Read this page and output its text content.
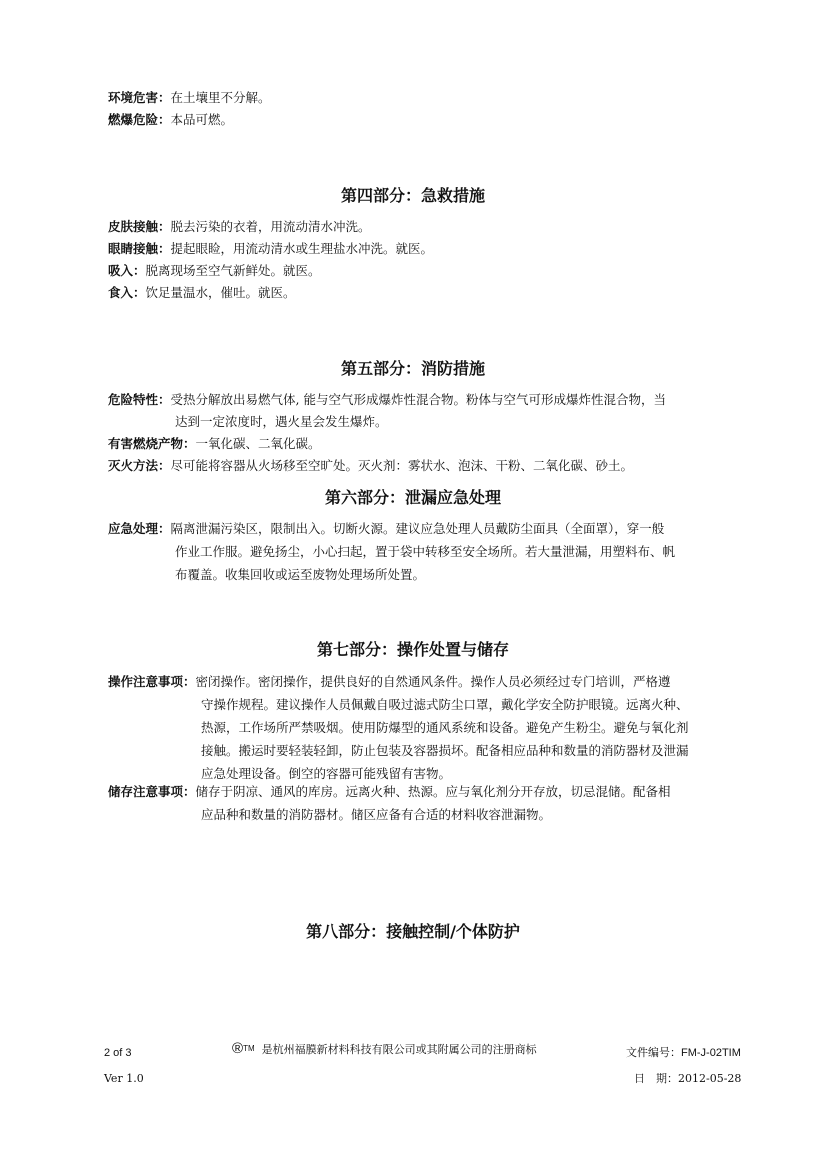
环境危害：在土壤里不分解。
燃爆危险：本品可燃。
第四部分：急救措施
皮肤接触：脱去污染的衣着，用流动清水冲洗。
眼睛接触：提起眼睑，用流动清水或生理盐水冲洗。就医。
吸入：脱离现场至空气新鲜处。就医。
食入：饮足量温水，催吐。就医。
第五部分：消防措施
危险特性：受热分解放出易燃气体, 能与空气形成爆炸性混合物。粉体与空气可形成爆炸性混合物，当
达到一定浓度时，遇火星会发生爆炸。
有害燃烧产物：一氧化碳、二氧化碳。
灭火方法：尽可能将容器从火场移至空旷处。灭火剂：雾状水、泡沫、干粉、二氧化碳、砂土。
第六部分：泄漏应急处理
应急处理：隔离泄漏污染区，限制出入。切断火源。建议应急处理人员戴防尘面具（全面罩），穿一般
作业工作服。避免扬尘，小心扫起，置于袋中转移至安全场所。若大量泄漏，用塑料布、帆
布覆盖。收集回收或运至废物处理场所处置。
第七部分：操作处置与储存
操作注意事项：密闭操作。密闭操作，提供良好的自然通风条件。操作人员必须经过专门培训，严格遵
守操作规程。建议操作人员佩戴自吸过滤式防尘口罩，戴化学安全防护眼镜。远离火种、
热源，工作场所严禁吸烟。使用防爆型的通风系统和设备。避免产生粉尘。避免与氧化剂
接触。搬运时要轻装轻卸，防止包装及容器损坏。配备相应品种和数量的消防器材及泄漏
应急处理设备。倒空的容器可能残留有害物。
储存注意事项：储存于阴凉、通风的库房。远离火种、热源。应与氧化剂分开存放，切忌混储。配备相
应品种和数量的消防器材。储区应备有合适的材料收容泄漏物。
第八部分：接触控制/个体防护
2 of 3	®™ 是杭州福膜新材料科技有限公司或其附属公司的注册商标	文件编号：FM-J-02TIM
Ver 1.0	日　期：2012-05-28
